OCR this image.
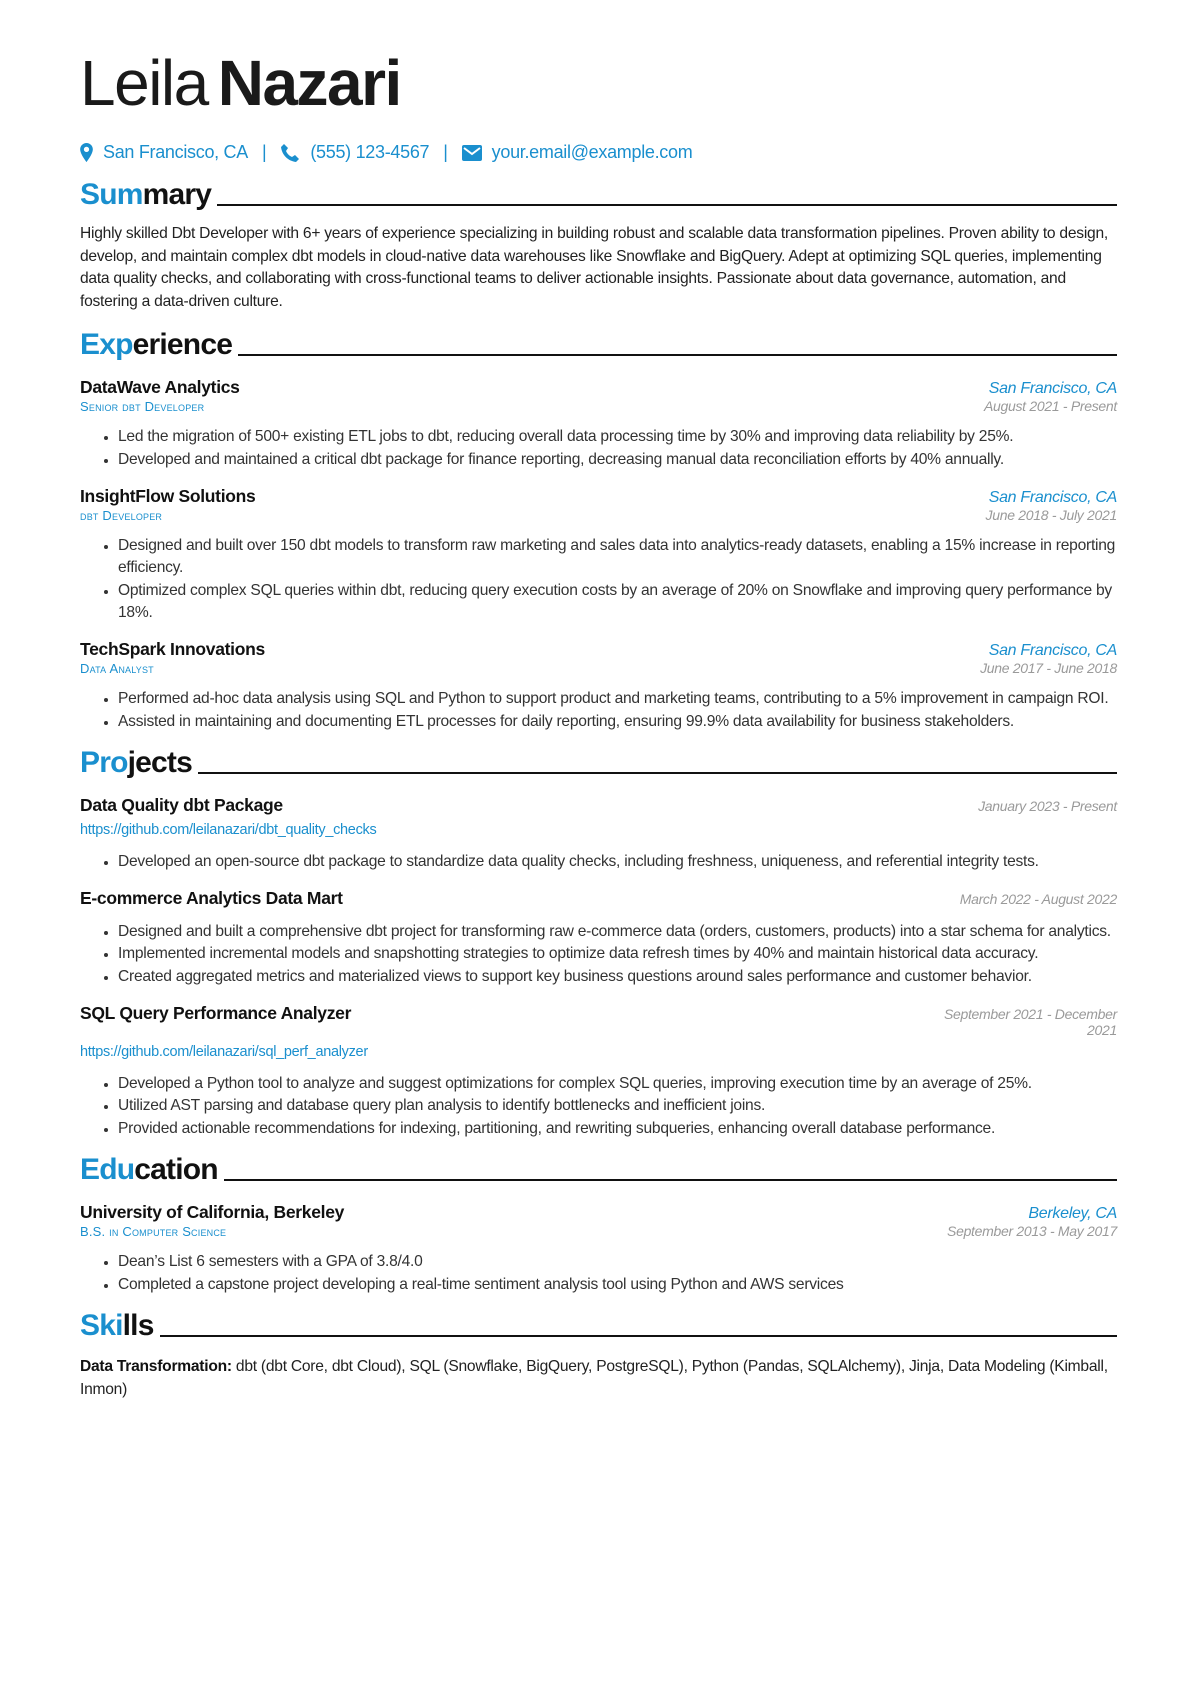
Leila Nazari
San Francisco, CA | (555) 123-4567 | your.email@example.com
Summary
Highly skilled Dbt Developer with 6+ years of experience specializing in building robust and scalable data transformation pipelines. Proven ability to design, develop, and maintain complex dbt models in cloud-native data warehouses like Snowflake and BigQuery. Adept at optimizing SQL queries, implementing data quality checks, and collaborating with cross-functional teams to deliver actionable insights. Passionate about data governance, automation, and fostering a data-driven culture.
Experience
DataWave Analytics	San Francisco, CA
Senior dbt Developer	August 2021 - Present
• Led the migration of 500+ existing ETL jobs to dbt, reducing overall data processing time by 30% and improving data reliability by 25%.
• Developed and maintained a critical dbt package for finance reporting, decreasing manual data reconciliation efforts by 40% annually.
InsightFlow Solutions	San Francisco, CA
dbt Developer	June 2018 - July 2021
• Designed and built over 150 dbt models to transform raw marketing and sales data into analytics-ready datasets, enabling a 15% increase in reporting efficiency.
• Optimized complex SQL queries within dbt, reducing query execution costs by an average of 20% on Snowflake and improving query performance by 18%.
TechSpark Innovations	San Francisco, CA
Data Analyst	June 2017 - June 2018
• Performed ad-hoc data analysis using SQL and Python to support product and marketing teams, contributing to a 5% improvement in campaign ROI.
• Assisted in maintaining and documenting ETL processes for daily reporting, ensuring 99.9% data availability for business stakeholders.
Projects
Data Quality dbt Package	January 2023 - Present
https://github.com/leilanazari/dbt_quality_checks
• Developed an open-source dbt package to standardize data quality checks, including freshness, uniqueness, and referential integrity tests.
E-commerce Analytics Data Mart	March 2022 - August 2022
• Designed and built a comprehensive dbt project for transforming raw e-commerce data (orders, customers, products) into a star schema for analytics.
• Implemented incremental models and snapshotting strategies to optimize data refresh times by 40% and maintain historical data accuracy.
• Created aggregated metrics and materialized views to support key business questions around sales performance and customer behavior.
SQL Query Performance Analyzer	September 2021 - December 2021
https://github.com/leilanazari/sql_perf_analyzer
• Developed a Python tool to analyze and suggest optimizations for complex SQL queries, improving execution time by an average of 25%.
• Utilized AST parsing and database query plan analysis to identify bottlenecks and inefficient joins.
• Provided actionable recommendations for indexing, partitioning, and rewriting subqueries, enhancing overall database performance.
Education
University of California, Berkeley	Berkeley, CA
B.S. in Computer Science	September 2013 - May 2017
• Dean’s List 6 semesters with a GPA of 3.8/4.0
• Completed a capstone project developing a real-time sentiment analysis tool using Python and AWS services
Skills
Data Transformation: dbt (dbt Core, dbt Cloud), SQL (Snowflake, BigQuery, PostgreSQL), Python (Pandas, SQLAlchemy), Jinja, Data Modeling (Kimball, Inmon)
